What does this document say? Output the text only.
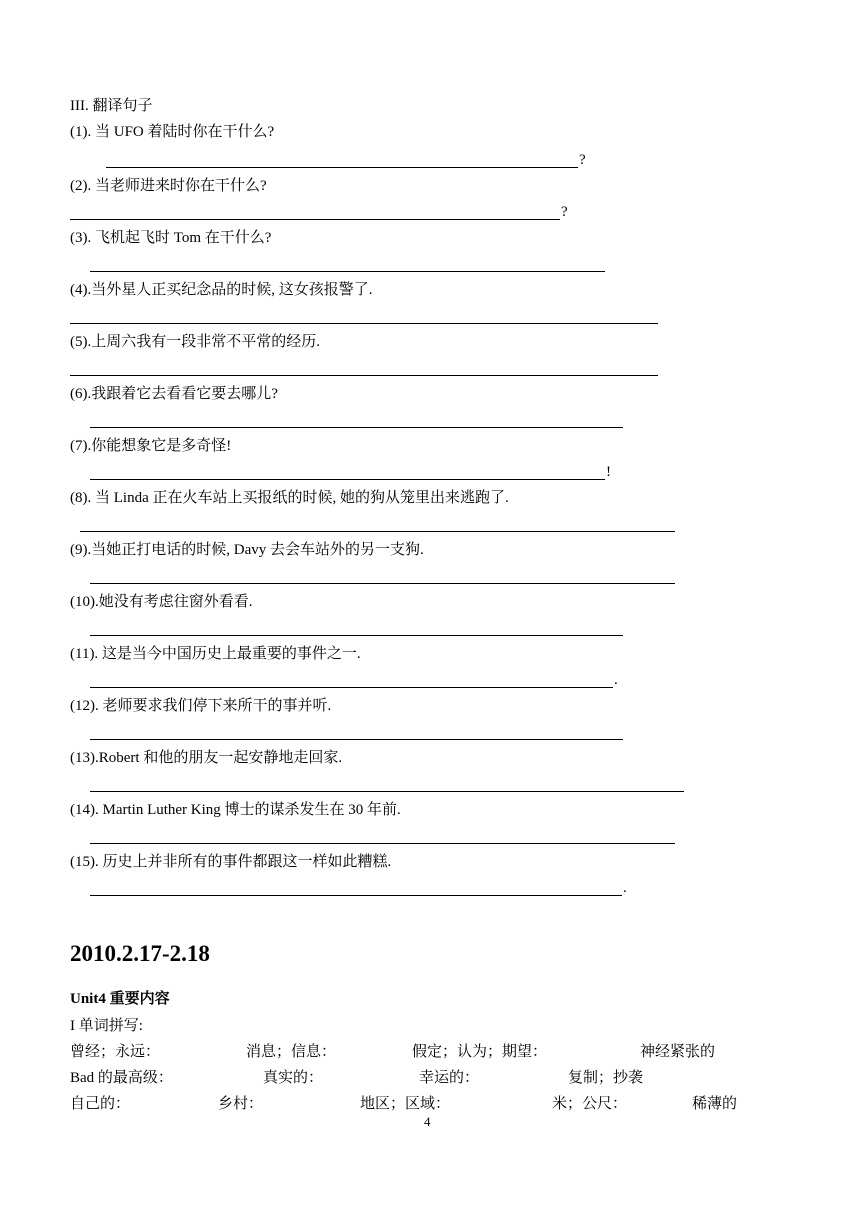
III. 翻译句子
(1). 当 UFO 着陆时你在干什么?
?
(2). 当老师进来时你在干什么?
?
(3). 飞机起飞时 Tom 在干什么?
(4).当外星人正买纪念品的时候, 这女孩报警了.
(5).上周六我有一段非常不平常的经历.
(6).我跟着它去看看它要去哪儿?
(7).你能想象它是多奇怪!
!
(8). 当 Linda 正在火车站上买报纸的时候, 她的狗从笼里出来逃跑了.
(9).当她正打电话的时候, Davy 去会车站外的另一支狗.
(10).她没有考虑往窗外看看.
(11). 这是当今中国历史上最重要的事件之一.
.
(12). 老师要求我们停下来所干的事并听.
(13).Robert 和他的朋友一起安静地走回家.
(14). Martin Luther King 博士的谋杀发生在 30 年前.
(15). 历史上并非所有的事件都跟这一样如此糟糕.
.
2010.2.17-2.18
Unit4 重要内容
I 单词拼写:
曾经；永远：	消息；信息：	假定；认为；期望：	神经紧张的
Bad 的最高级：	真实的：	幸运的：	复制；抄袭
自己的：	乡村：	地区；区域：	米；公尺：	稀薄的
4
